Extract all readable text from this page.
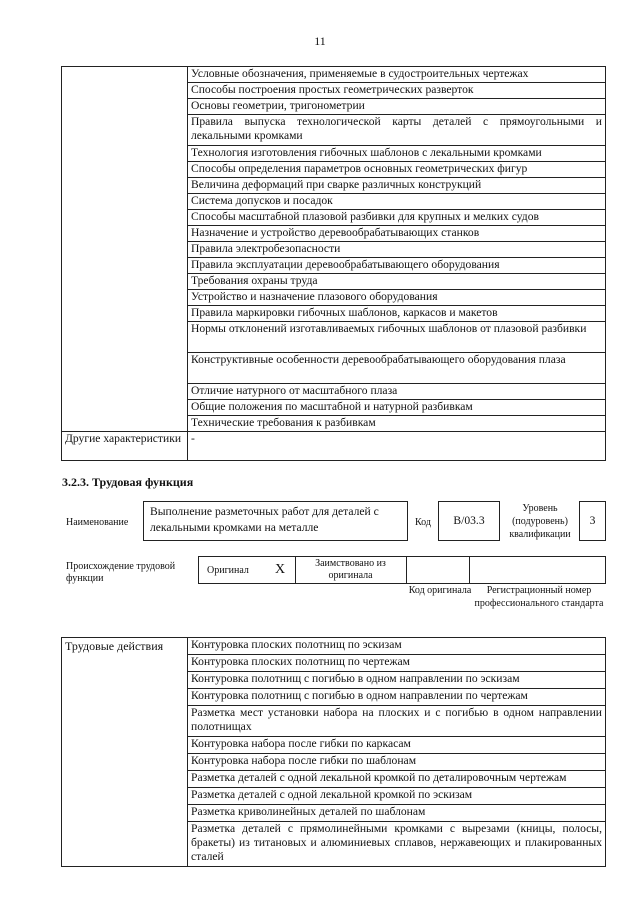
11
	Условные обозначения, применяемые в судостроительных чертежах
	Способы построения простых геометрических разверток
	Основы геометрии, тригонометрии
	Правила выпуска технологической карты деталей с прямоугольными и лекальными кромками
	Технология изготовления гибочных шаблонов с лекальными кромками
	Способы определения параметров основных геометрических фигур
	Величина деформаций при сварке различных конструкций
	Система допусков и посадок
	Способы масштабной плазовой разбивки для крупных и мелких судов
	Назначение и устройство деревообрабатывающих станков
	Правила электробезопасности
	Правила эксплуатации деревообрабатывающего оборудования
	Требования охраны труда
	Устройство и назначение плазового оборудования
	Правила маркировки гибочных шаблонов, каркасов и макетов
	Нормы отклонений изготавливаемых гибочных шаблонов от плазовой разбивки
	Конструктивные особенности деревообрабатывающего оборудования плаза
	Отличие натурного от масштабного плаза
	Общие положения по масштабной и натурной разбивкам
	Технические требования к разбивкам
Другие характеристики	-
3.2.3. Трудовая функция
Наименование
Выполнение разметочных работ для деталей с лекальными кромками на металле	Код	B/03.3
Уровень (подуровень) квалификации
3
Происхождение трудовой функции
Оригинал	X	Заимствовано из оригинала
Код оригинала	Регистрационный номер профессионального стандарта
Трудовые действия	Контуровка плоских полотнищ по эскизам
Контуровка плоских полотнищ по чертежам
Контуровка полотнищ с погибью в одном направлении по эскизам
Контуровка полотнищ с погибью в одном направлении по чертежам
Разметка мест установки набора на плоских и с погибью в одном направлении полотнищах
Контуровка набора после гибки по каркасам
Контуровка набора после гибки по шаблонам
Разметка деталей с одной лекальной кромкой по деталировочным чертежам
Разметка деталей с одной лекальной кромкой по эскизам
Разметка криволинейных деталей по шаблонам
Разметка деталей с прямолинейными кромками с вырезами (кницы, полосы, бракеты) из титановых и алюминиевых сплавов, нержавеющих и плакированных сталей
